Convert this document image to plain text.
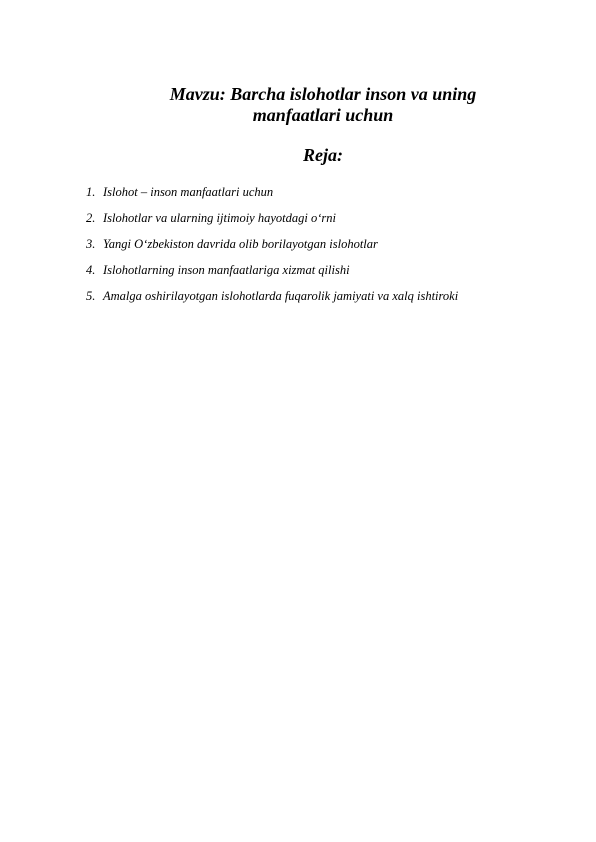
Mavzu: Barcha islohotlar inson va uning
manfaatlari uchun
Reja:
1. Islohot – inson manfaatlari uchun
2. Islohotlar va ularning ijtimoiy hayotdagi o‘rni
3. Yangi O‘zbekiston davrida olib borilayotgan islohotlar
4. Islohotlarning inson manfaatlariga xizmat qilishi
5. Amalga oshirilayotgan islohotlarda fuqarolik jamiyati va xalq ishtiroki
